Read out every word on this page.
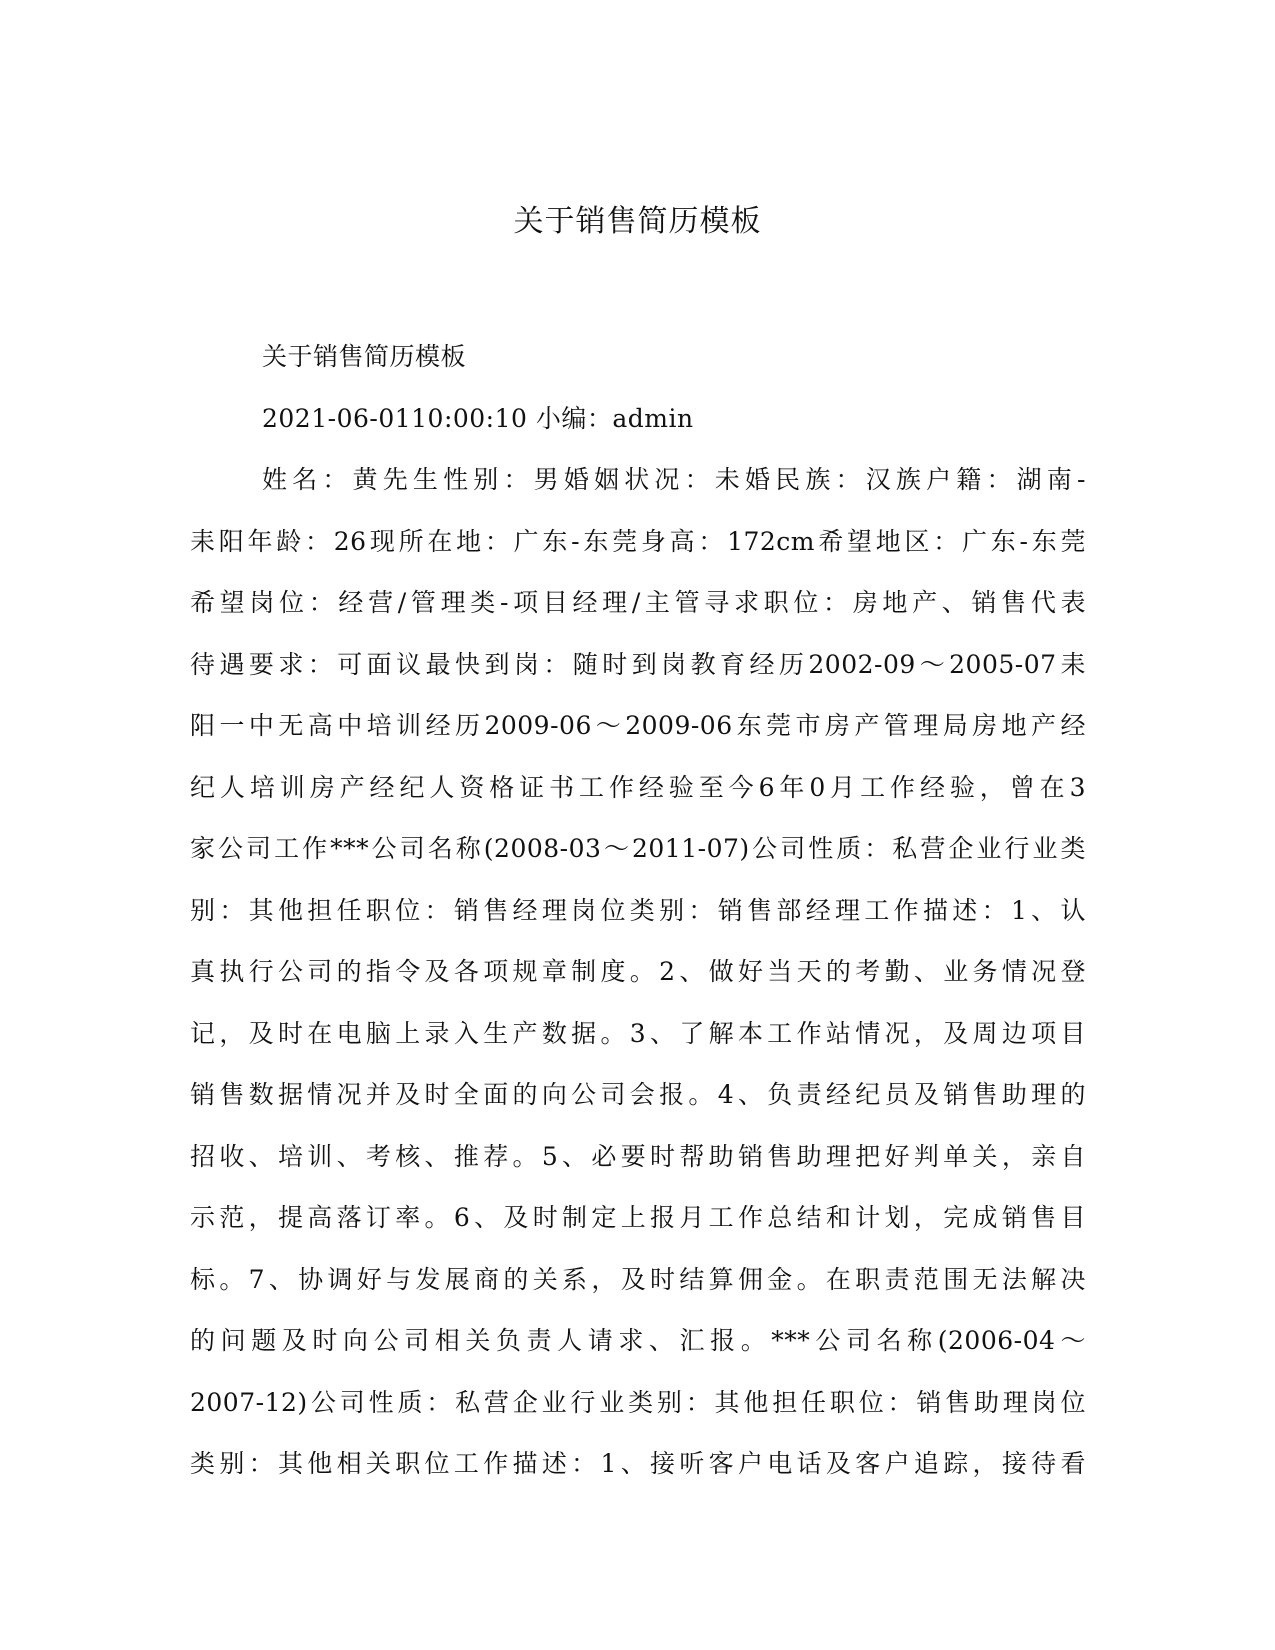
关于销售简历模板
关于销售简历模板
2021-06-0110:00:10 小编：admin
姓名：黄先生性别：男婚姻状况：未婚民族：汉族户籍：湖南-
耒阳年龄：26现所在地：广东-东莞身高：172cm希望地区：广东-东莞
希望岗位：经营/管理类-项目经理/主管寻求职位：房地产、销售代表
待遇要求：可面议最快到岗：随时到岗教育经历2002-09～2005-07耒
阳一中无高中培训经历2009-06～2009-06东莞市房产管理局房地产经
纪人培训房产经纪人资格证书工作经验至今6年0月工作经验，曾在3
家公司工作***公司名称(2008-03～2011-07)公司性质：私营企业行业类
别：其他担任职位：销售经理岗位类别：销售部经理工作描述：1、认
真执行公司的指令及各项规章制度。2、做好当天的考勤、业务情况登
记，及时在电脑上录入生产数据。3、了解本工作站情况，及周边项目
销售数据情况并及时全面的向公司会报。4、负责经纪员及销售助理的
招收、培训、考核、推荐。5、必要时帮助销售助理把好判单关，亲自
示范，提高落订率。6、及时制定上报月工作总结和计划，完成销售目
标。7、协调好与发展商的关系，及时结算佣金。在职责范围无法解决
的问题及时向公司相关负责人请求、汇报。***公司名称(2006-04～
2007-12)公司性质：私营企业行业类别：其他担任职位：销售助理岗位
类别：其他相关职位工作描述：1、接听客户电话及客户追踪，接待看
